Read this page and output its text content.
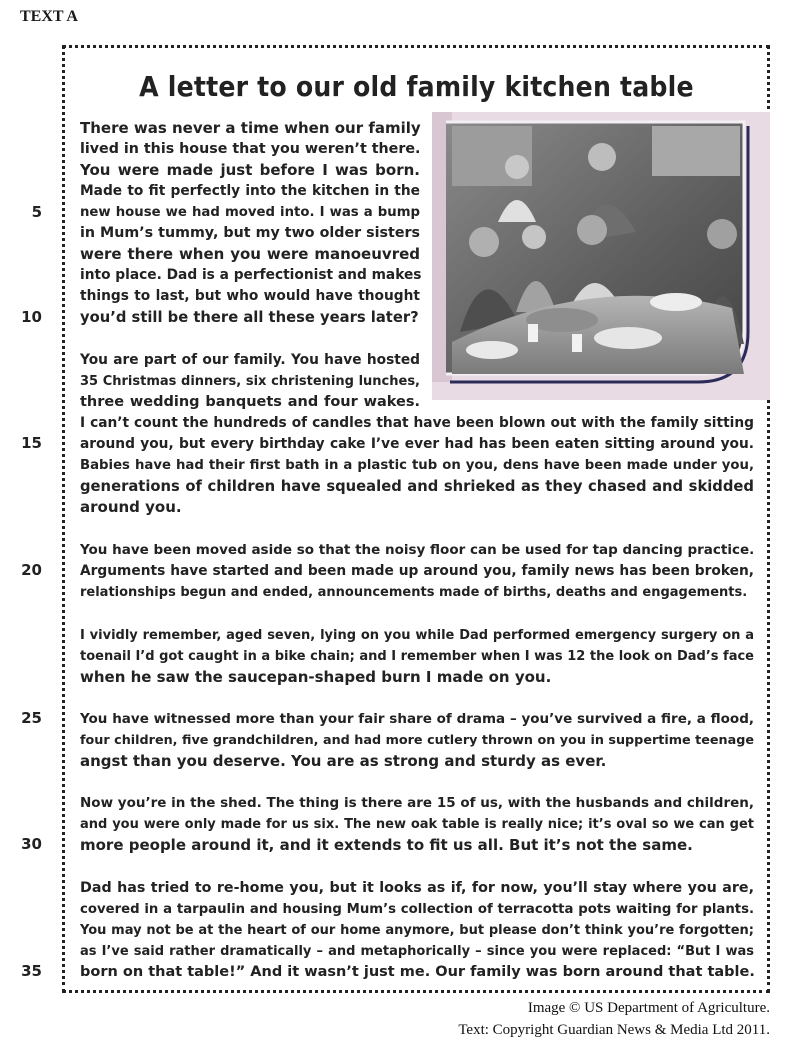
TEXT A
A letter to our old family kitchen table
5
10
15
20
25
30
35
There was never a time when our family
lived in this house that you weren’t there.
You were made just before I was born.
Made to fit perfectly into the kitchen in the
new house we had moved into. I was a bump
in Mum’s tummy, but my two older sisters
were there when you were manoeuvred
into place. Dad is a perfectionist and makes
things to last, but who would have thought
you’d still be there all these years later?
You are part of our family. You have hosted
35 Christmas dinners, six christening lunches,
three wedding banquets and four wakes.
I can’t count the hundreds of candles that have been blown out with the family sitting
around you, but every birthday cake I’ve ever had has been eaten sitting around you.
Babies have had their first bath in a plastic tub on you, dens have been made under you,
generations of children have squealed and shrieked as they chased and skidded
around you.
You have been moved aside so that the noisy floor can be used for tap dancing practice.
Arguments have started and been made up around you, family news has been broken,
relationships begun and ended, announcements made of births, deaths and engagements.
I vividly remember, aged seven, lying on you while Dad performed emergency surgery on a
toenail I’d got caught in a bike chain; and I remember when I was 12 the look on Dad’s face
when he saw the saucepan-shaped burn I made on you.
You have witnessed more than your fair share of drama – you’ve survived a fire, a flood,
four children, five grandchildren, and had more cutlery thrown on you in suppertime teenage
angst than you deserve. You are as strong and sturdy as ever.
Now you’re in the shed. The thing is there are 15 of us, with the husbands and children,
and you were only made for us six. The new oak table is really nice; it’s oval so we can get
more people around it, and it extends to fit us all. But it’s not the same.
Dad has tried to re-home you, but it looks as if, for now, you’ll stay where you are,
covered in a tarpaulin and housing Mum’s collection of terracotta pots waiting for plants.
You may not be at the heart of our home anymore, but please don’t think you’re forgotten;
as I’ve said rather dramatically – and metaphorically – since you were replaced: “But I was
born on that table!” And it wasn’t just me. Our family was born around that table.

Image © US Department of Agriculture.

Text: Copyright Guardian News & Media Ltd 2011.
